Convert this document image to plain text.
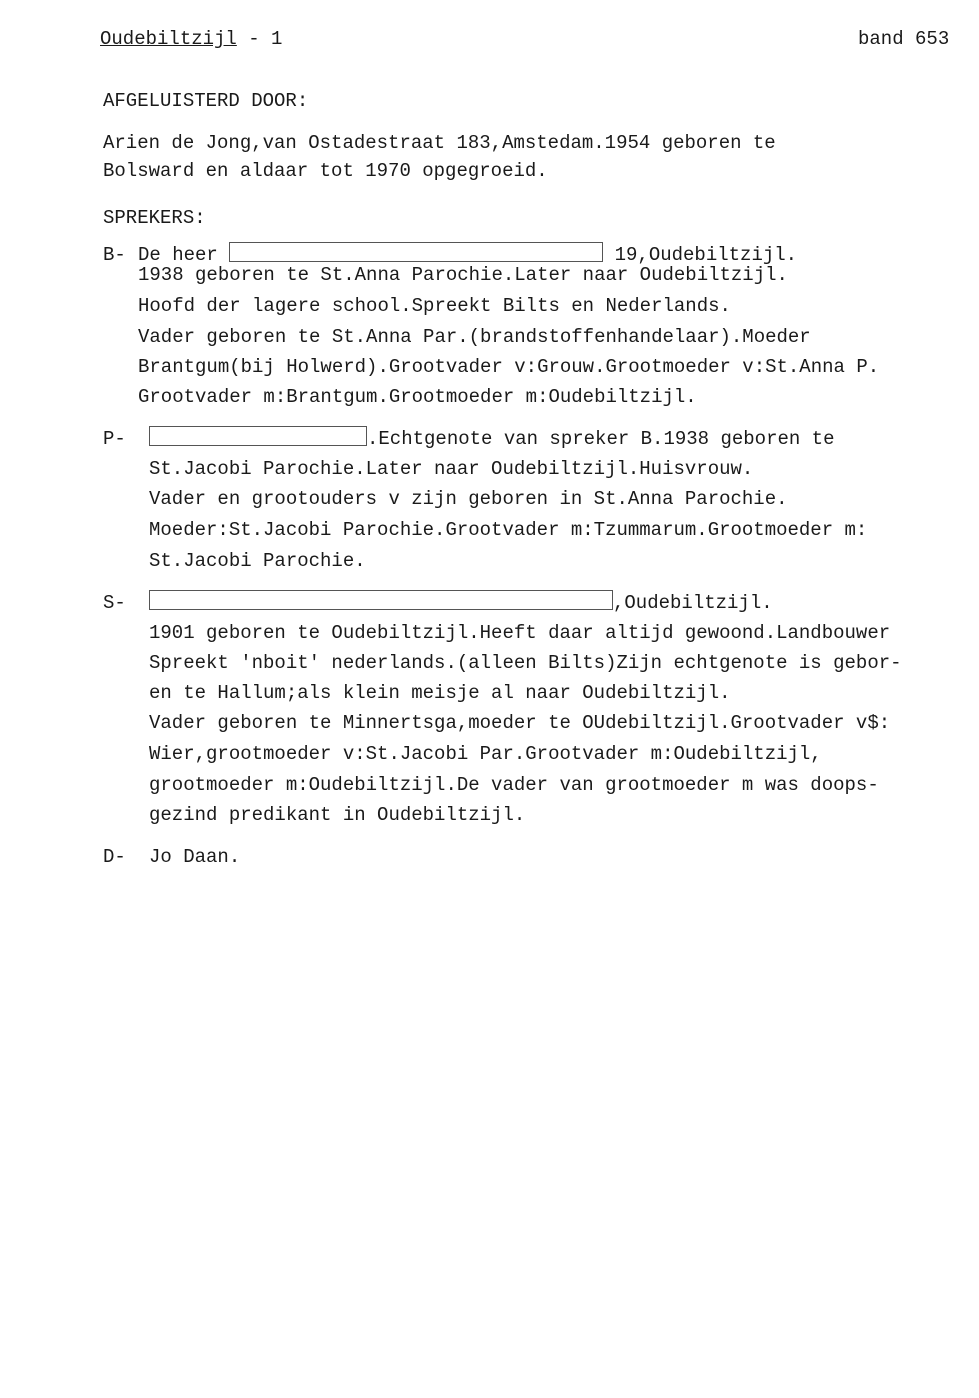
Oudebiltzijl - 1	band 653
AFGELUISTERD DOOR:
Arien de Jong,van Ostadestraat 183,Amstedam.1954 geboren te
Bolsward en aldaar tot 1970 opgegroeid.
SPREKERS:
B- De heer	19,Oudebiltzijl.
1938 geboren te St.Anna Parochie.Later naar Oudebiltzijl.
Hoofd der lagere school.Spreekt Bilts en Nederlands.
Vader geboren te St.Anna Par.(brandstoffenhandelaar).Moeder
Brantgum(bij Holwerd).Grootvader v:Grouw.Grootmoeder v:St.Anna P.
Grootvader m:Brantgum.Grootmoeder m:Oudebiltzijl.
P-	.Echtgenote van spreker B.1938 geboren te
St.Jacobi Parochie.Later naar Oudebiltzijl.Huisvrouw.
Vader en grootouders v zijn geboren in St.Anna Parochie.
Moeder:St.Jacobi Parochie.Grootvader m:Tzummarum.Grootmoeder m:
St.Jacobi Parochie.
S-	,Oudebiltzijl.
1901 geboren te Oudebiltzijl.Heeft daar altijd gewoond.Landbouwer
Spreekt 'nboit' nederlands.(alleen Bilts)Zijn echtgenote is gebor-
en te Hallum;als klein meisje al naar Oudebiltzijl.
Vader geboren te Minnertsga,moeder te OUdebiltzijl.Grootvader v$:
Wier,grootmoeder v:St.Jacobi Par.Grootvader m:Oudebiltzijl,
grootmoeder m:Oudebiltzijl.De vader van grootmoeder m was doops-
gezind predikant in Oudebiltzijl.
D- Jo Daan.
